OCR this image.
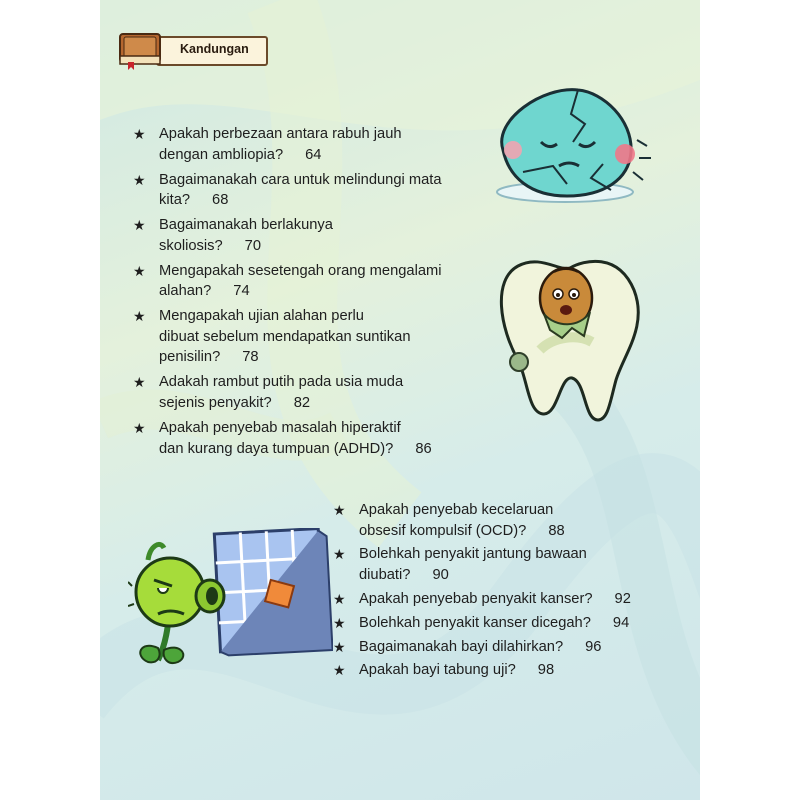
Kandungan
★ Apakah perbezaan antara rabuh jauh
dengan ambliopia? 64
★ Bagaimanakah cara untuk melindungi mata
kita? 68
★ Bagaimanakah berlakunya
skoliosis? 70
★ Mengapakah sesetengah orang mengalami
alahan? 74
★ Mengapakah ujian alahan perlu
dibuat sebelum mendapatkan suntikan
penisilin? 78
★ Adakah rambut putih pada usia muda
sejenis penyakit? 82
★ Apakah penyebab masalah hiperaktif
dan kurang daya tumpuan (ADHD)? 86
★ Apakah penyebab kecelaruan
obsesif kompulsif (OCD)? 88
★ Bolehkah penyakit jantung bawaan
diubati? 90
★ Apakah penyebab penyakit kanser? 92
★ Bolehkah penyakit kanser dicegah? 94
★ Bagaimanakah bayi dilahirkan? 96
★ Apakah bayi tabung uji? 98
